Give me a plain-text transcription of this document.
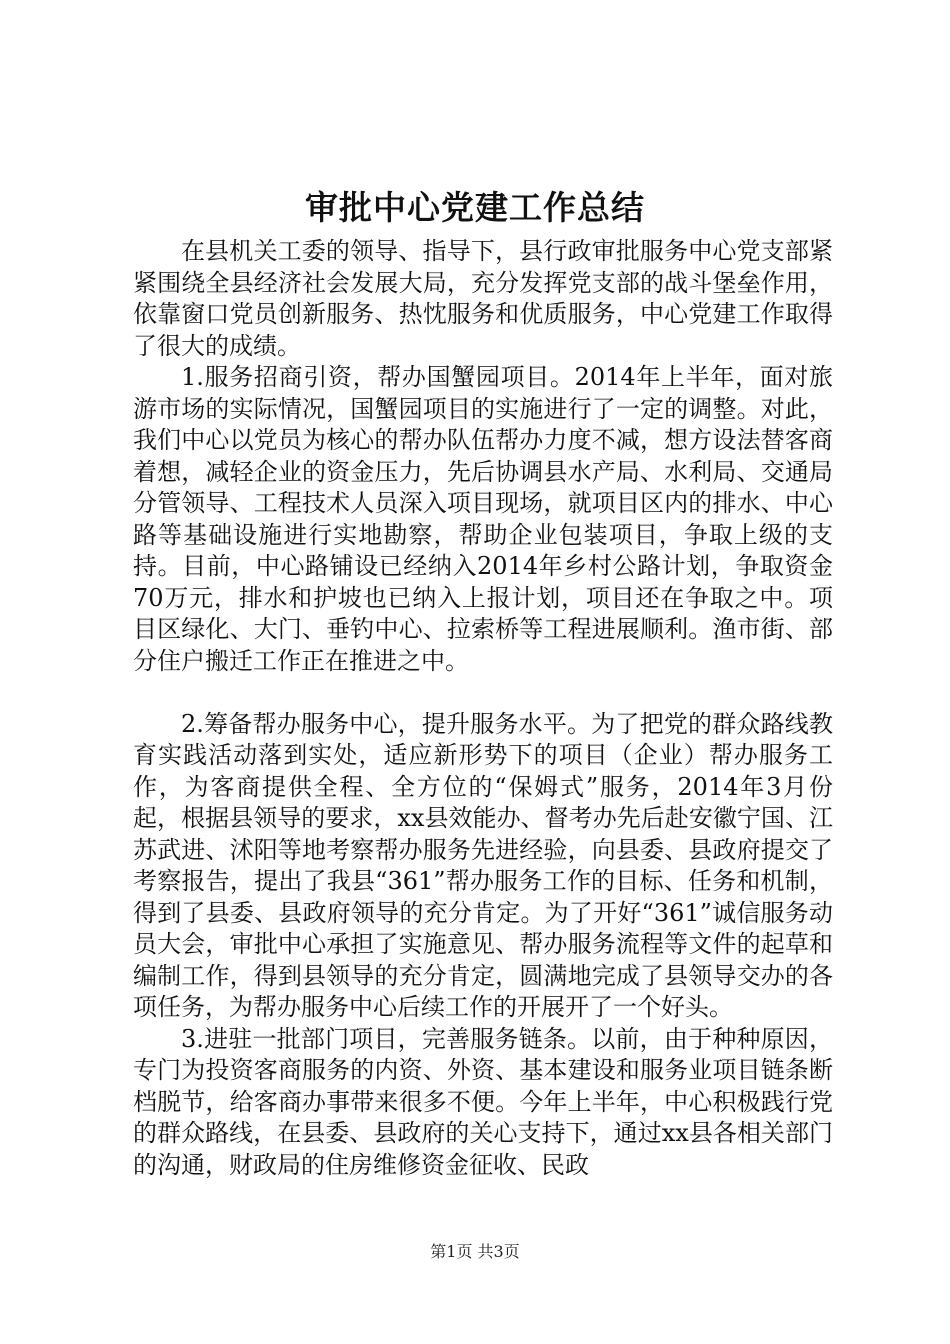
审批中心党建工作总结

在县机关工委的领导、指导下，县行政审批服务中心党支部紧紧围绕全县经济社会发展大局，充分发挥党支部的战斗堡垒作用，依靠窗口党员创新服务、热忱服务和优质服务，中心党建工作取得了很大的成绩。

1.服务招商引资，帮办国蟹园项目。2014年上半年，面对旅游市场的实际情况，国蟹园项目的实施进行了一定的调整。对此，我们中心以党员为核心的帮办队伍帮办力度不减，想方设法替客商着想，减轻企业的资金压力，先后协调县水产局、水利局、交通局分管领导、工程技术人员深入项目现场，就项目区内的排水、中心路等基础设施进行实地勘察，帮助企业包装项目，争取上级的支持。目前，中心路铺设已经纳入2014年乡村公路计划，争取资金70万元，排水和护坡也已纳入上报计划，项目还在争取之中。项目区绿化、大门、垂钓中心、拉索桥等工程进展顺利。渔市街、部分住户搬迁工作正在推进之中。

2.筹备帮办服务中心，提升服务水平。为了把党的群众路线教育实践活动落到实处，适应新形势下的项目（企业）帮办服务工作，为客商提供全程、全方位的“保姆式”服务，2014年3月份起，根据县领导的要求，xx县效能办、督考办先后赴安徽宁国、江苏武进、沭阳等地考察帮办服务先进经验，向县委、县政府提交了考察报告，提出了我县“361”帮办服务工作的目标、任务和机制，得到了县委、县政府领导的充分肯定。为了开好“361”诚信服务动员大会，审批中心承担了实施意见、帮办服务流程等文件的起草和编制工作，得到县领导的充分肯定，圆满地完成了县领导交办的各项任务，为帮办服务中心后续工作的开展开了一个好头。

3.进驻一批部门项目，完善服务链条。以前，由于种种原因，专门为投资客商服务的内资、外资、基本建设和服务业项目链条断档脱节，给客商办事带来很多不便。今年上半年，中心积极践行党的群众路线，在县委、县政府的关心支持下，通过xx县各相关部门的沟通，财政局的住房维修资金征收、民政

第1页 共3页
